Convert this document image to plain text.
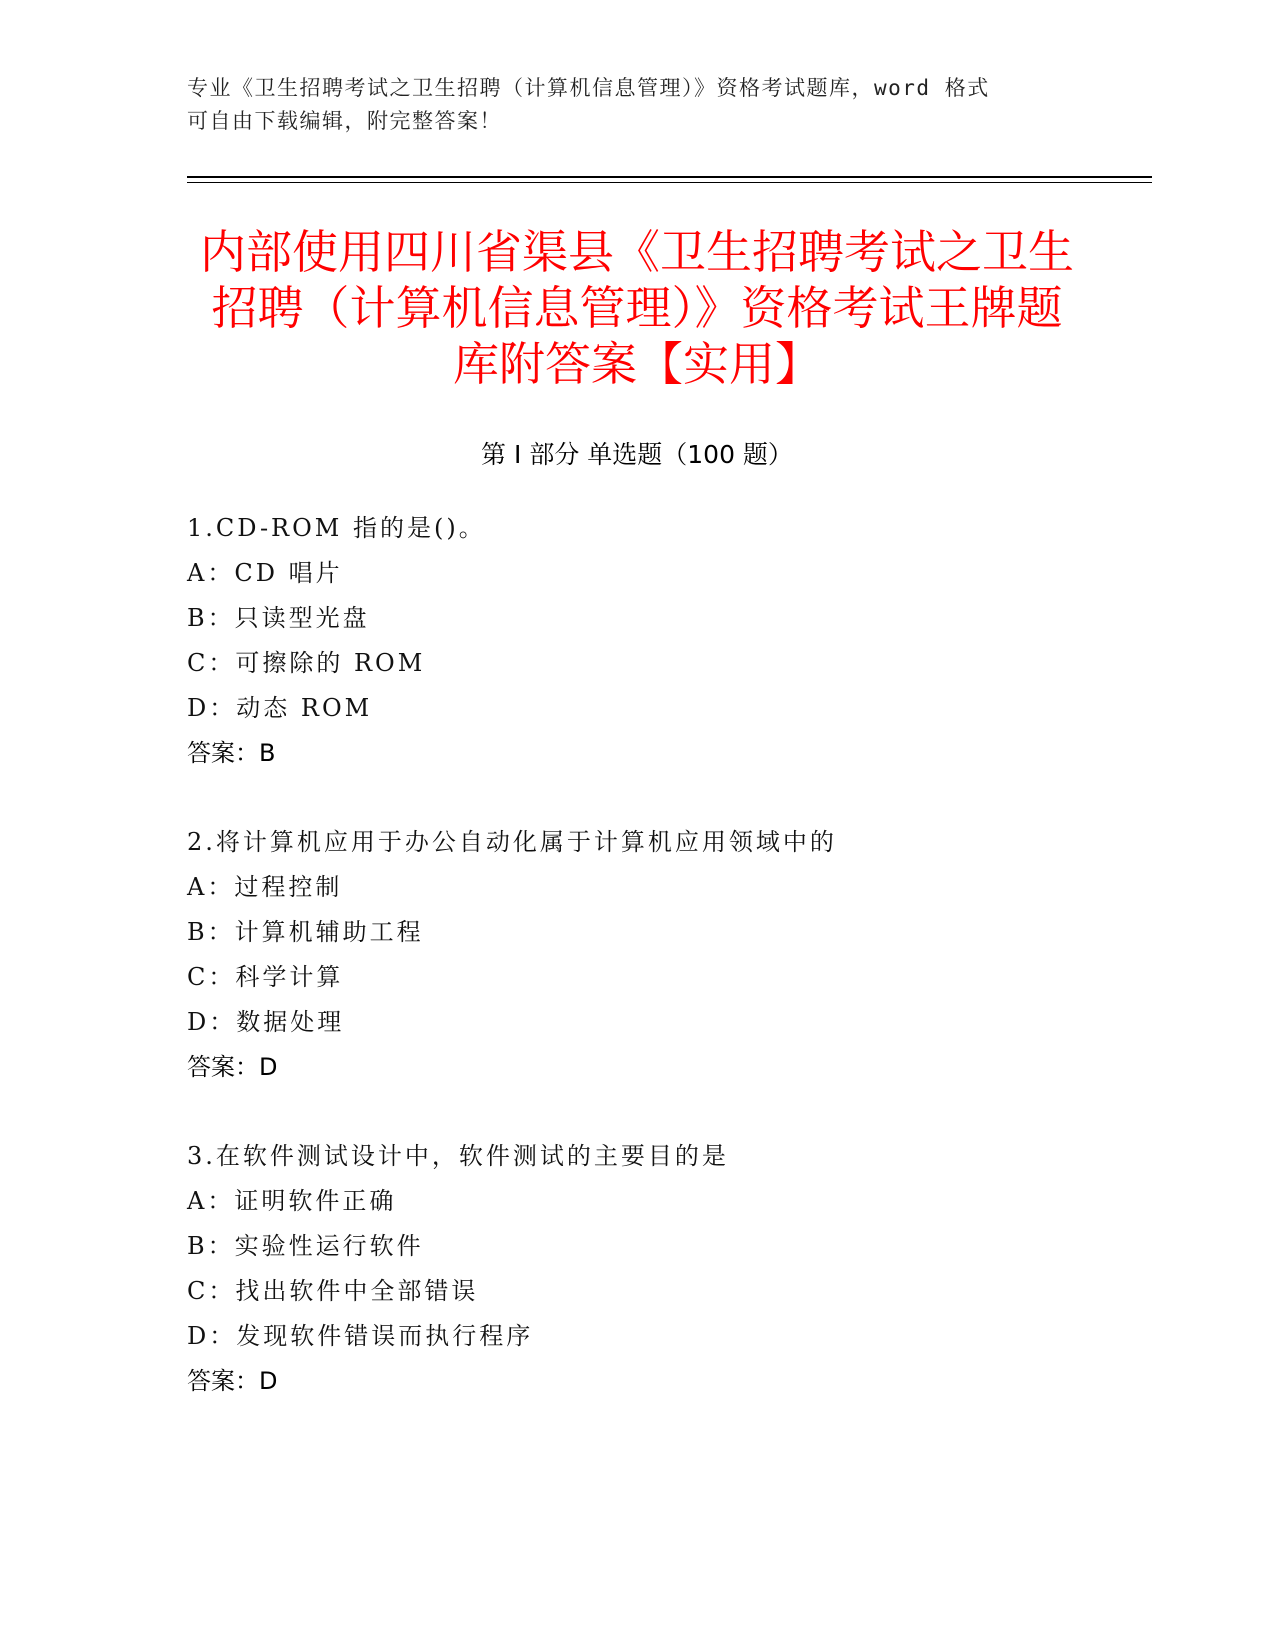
专业《卫生招聘考试之卫生招聘（计算机信息管理）》资格考试题库，word 格式
可自由下载编辑，附完整答案！
内部使用四川省渠县《卫生招聘考试之卫生
招聘（计算机信息管理）》资格考试王牌题
库附答案【实用】
第 I 部分 单选题（100 题）
1.CD-ROM 指的是()。
A：CD 唱片
B：只读型光盘
C：可擦除的 ROM
D：动态 ROM
答案：B
2.将计算机应用于办公自动化属于计算机应用领域中的
A：过程控制
B：计算机辅助工程
C：科学计算
D：数据处理
答案：D
3.在软件测试设计中，软件测试的主要目的是
A：证明软件正确
B：实验性运行软件
C：找出软件中全部错误
D：发现软件错误而执行程序
答案：D
